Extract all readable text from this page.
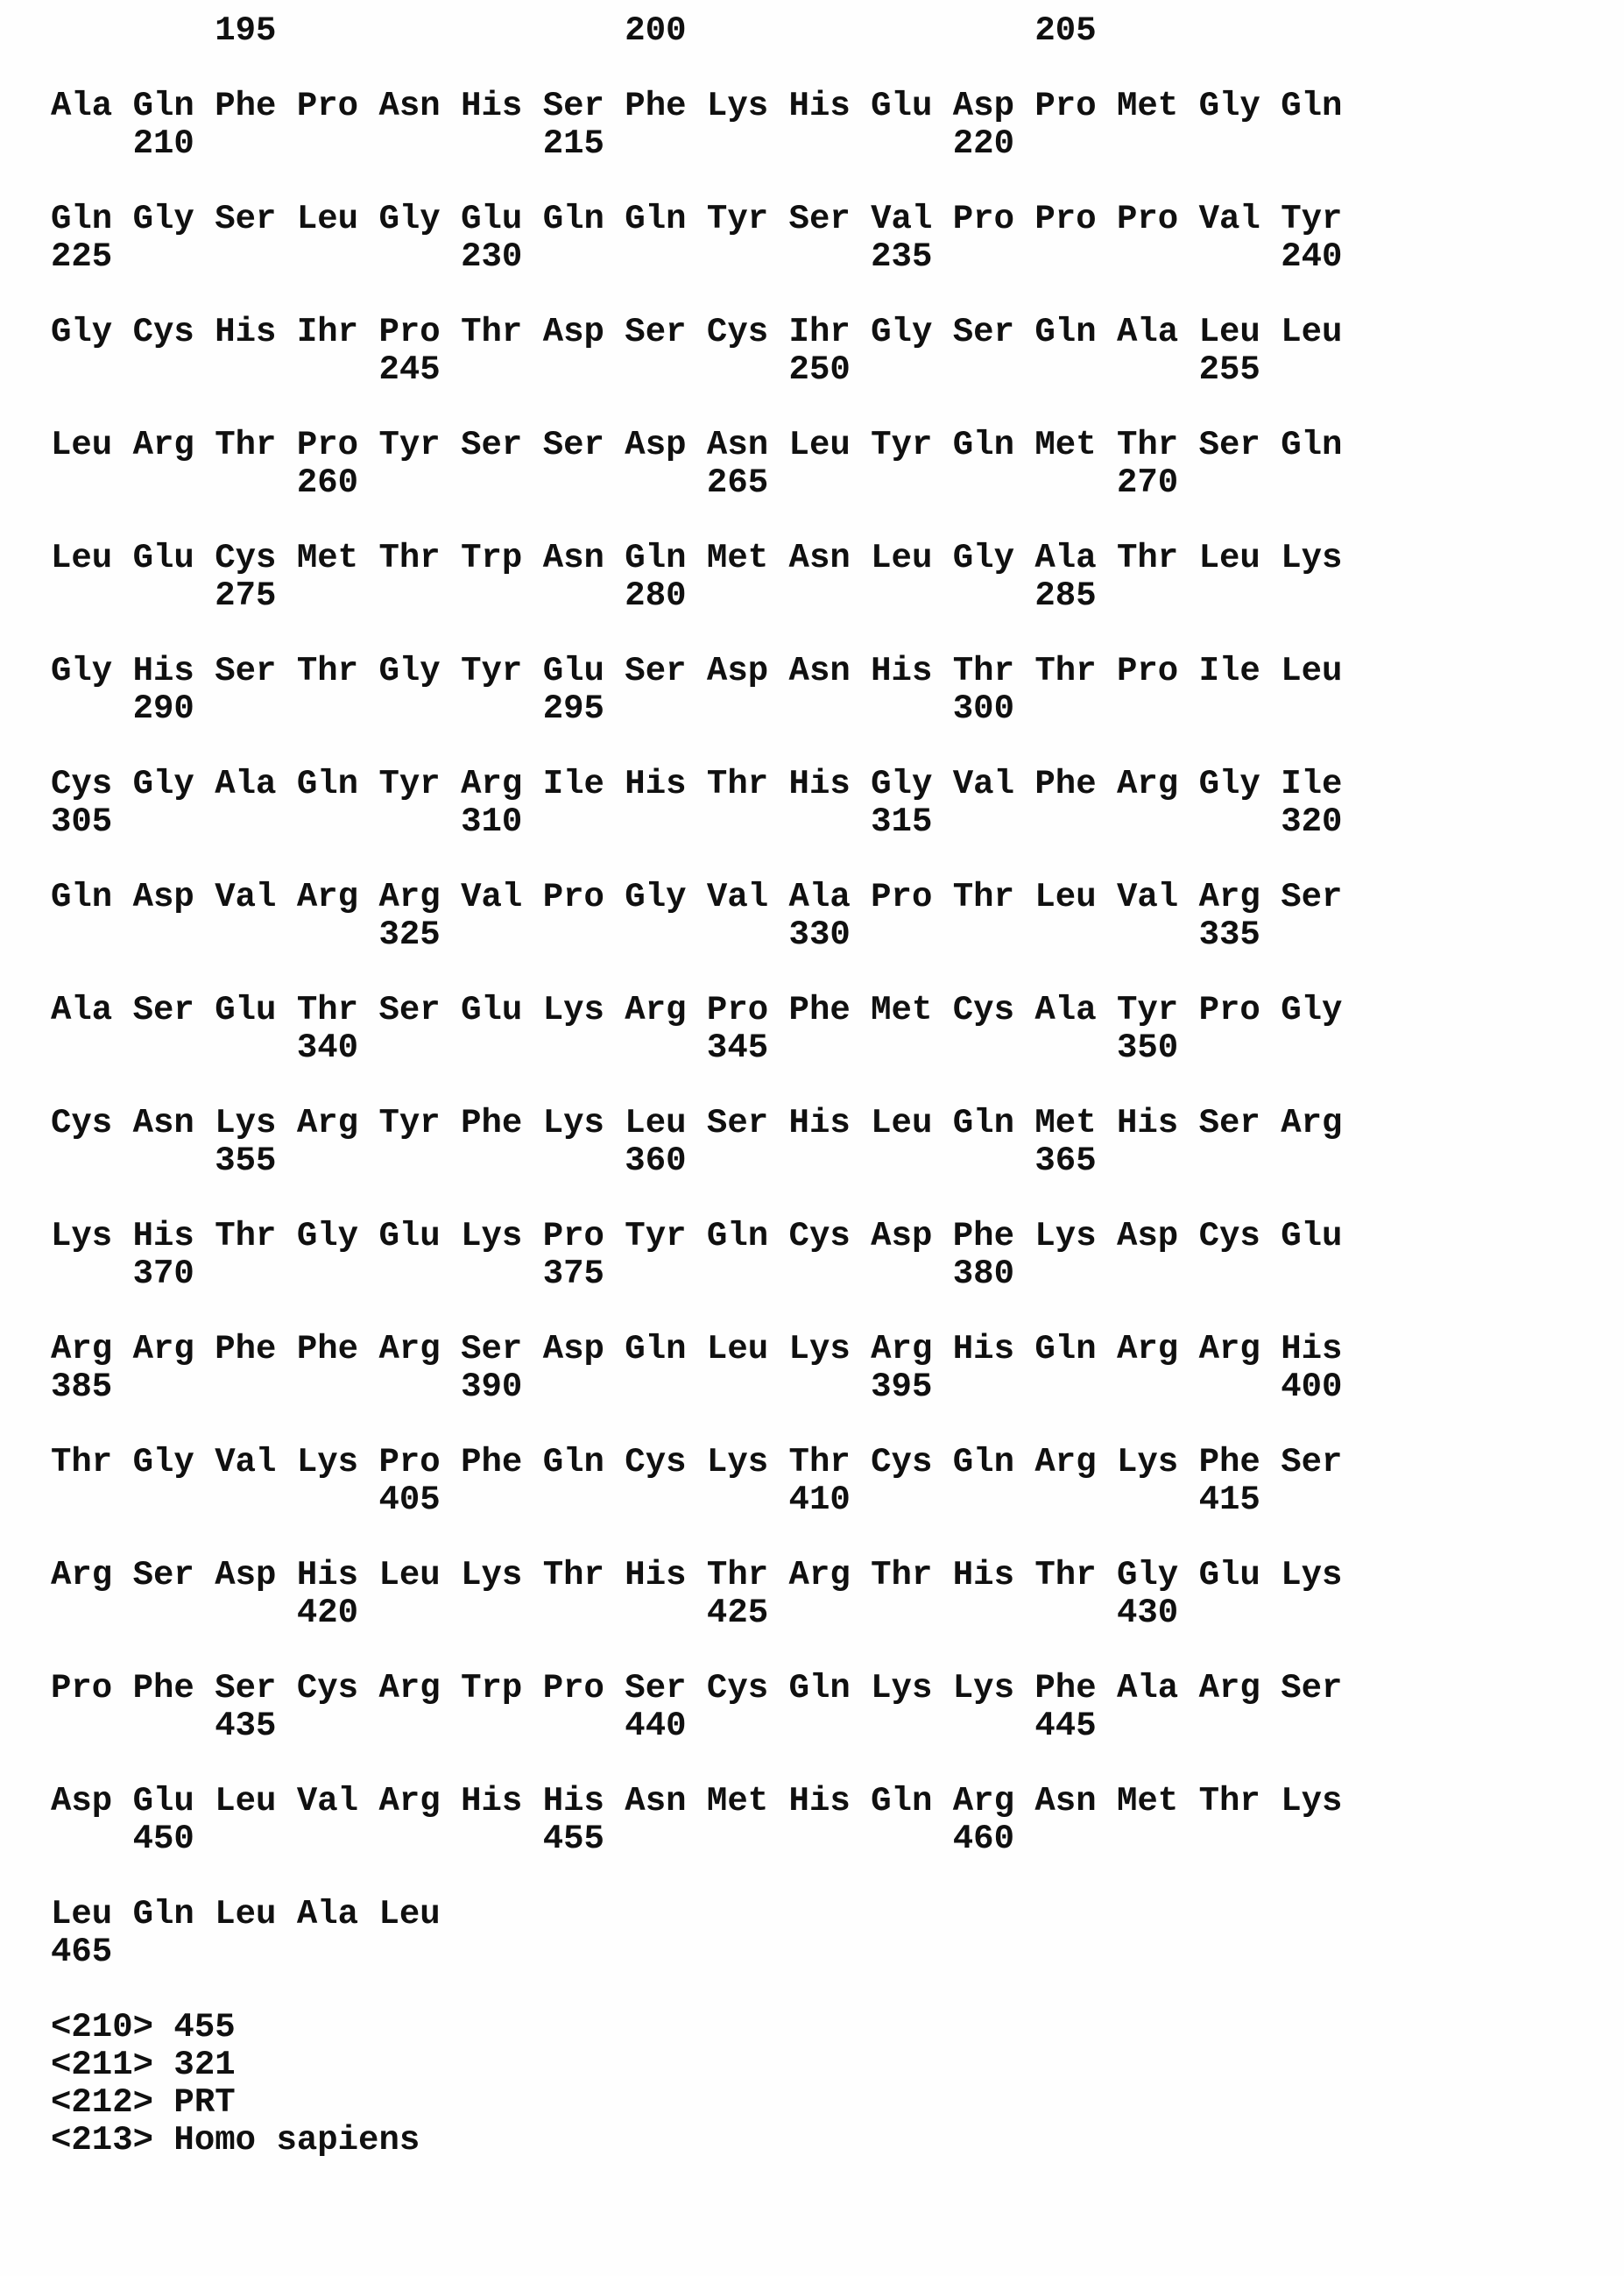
195                 200                 205
Ala Gln Phe Pro Asn His Ser Phe Lys His Glu Asp Pro Met Gly Gln
210                 215                 220
Gln Gly Ser Leu Gly Glu Gln Gln Tyr Ser Val Pro Pro Pro Val Tyr
225                 230                 235                 240
Gly Cys His Ihr Pro Thr Asp Ser Cys Ihr Gly Ser Gln Ala Leu Leu
245                 250                 255
Leu Arg Thr Pro Tyr Ser Ser Asp Asn Leu Tyr Gln Met Thr Ser Gln
260                 265                 270
Leu Glu Cys Met Thr Trp Asn Gln Met Asn Leu Gly Ala Thr Leu Lys
275                 280                 285
Gly His Ser Thr Gly Tyr Glu Ser Asp Asn His Thr Thr Pro Ile Leu
290                 295                 300
Cys Gly Ala Gln Tyr Arg Ile His Thr His Gly Val Phe Arg Gly Ile
305                 310                 315                 320
Gln Asp Val Arg Arg Val Pro Gly Val Ala Pro Thr Leu Val Arg Ser
325                 330                 335
Ala Ser Glu Thr Ser Glu Lys Arg Pro Phe Met Cys Ala Tyr Pro Gly
340                 345                 350
Cys Asn Lys Arg Tyr Phe Lys Leu Ser His Leu Gln Met His Ser Arg
355                 360                 365
Lys His Thr Gly Glu Lys Pro Tyr Gln Cys Asp Phe Lys Asp Cys Glu
370                 375                 380
Arg Arg Phe Phe Arg Ser Asp Gln Leu Lys Arg His Gln Arg Arg His
385                 390                 395                 400
Thr Gly Val Lys Pro Phe Gln Cys Lys Thr Cys Gln Arg Lys Phe Ser
405                 410                 415
Arg Ser Asp His Leu Lys Thr His Thr Arg Thr His Thr Gly Glu Lys
420                 425                 430
Pro Phe Ser Cys Arg Trp Pro Ser Cys Gln Lys Lys Phe Ala Arg Ser
435                 440                 445
Asp Glu Leu Val Arg His His Asn Met His Gln Arg Asn Met Thr Lys
450                 455                 460
Leu Gln Leu Ala Leu
465
<210> 455
<211> 321
<212> PRT
<213> Homo sapiens
